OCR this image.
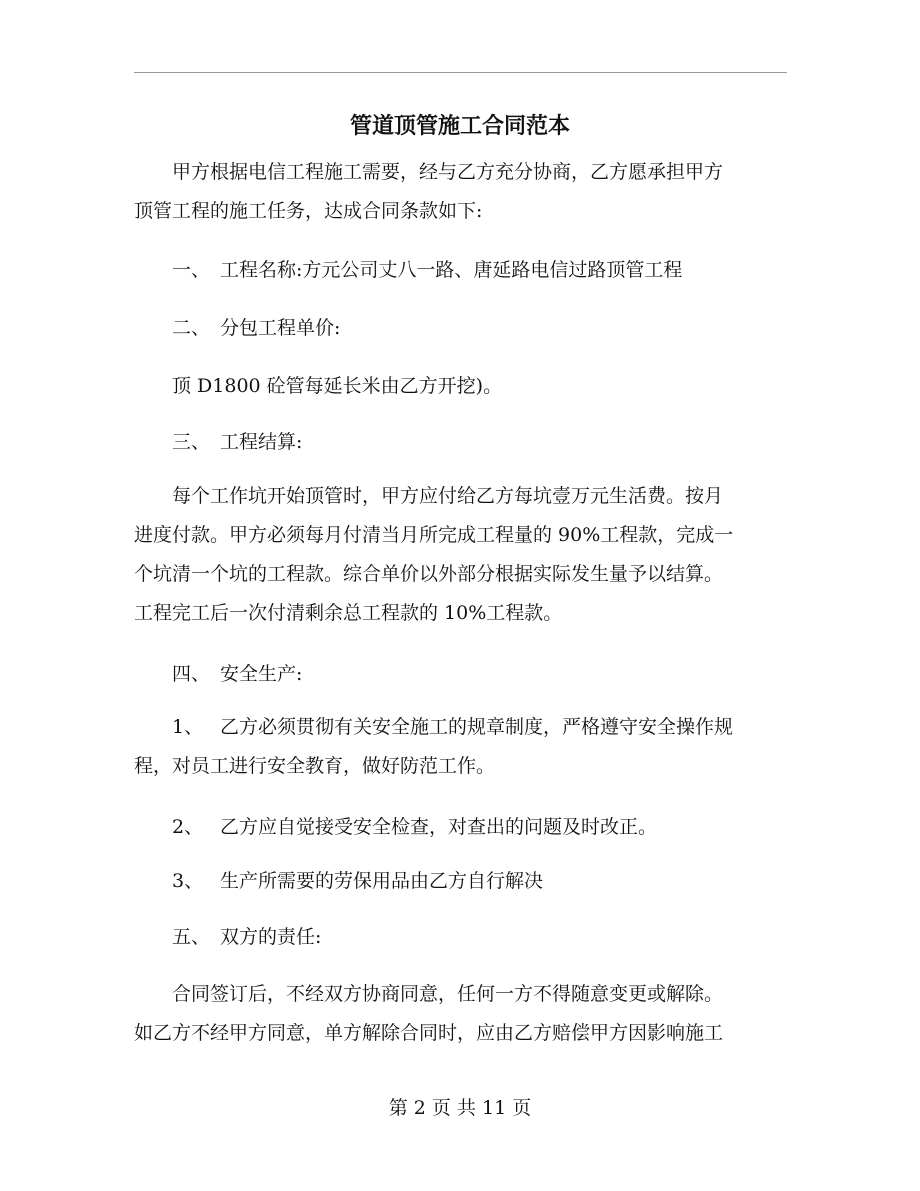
管道顶管施工合同范本
甲方根据电信工程施工需要，经与乙方充分协商，乙方愿承担甲方
顶管工程的施工任务，达成合同条款如下:
一、 工程名称:方元公司丈八一路、唐延路电信过路顶管工程
二、 分包工程单价:
顶 D1800 砼管每延长米由乙方开挖)。
三、 工程结算:
每个工作坑开始顶管时，甲方应付给乙方每坑壹万元生活费。按月
进度付款。甲方必须每月付清当月所完成工程量的 90%工程款，完成一
个坑清一个坑的工程款。综合单价以外部分根据实际发生量予以结算。
工程完工后一次付清剩余总工程款的 10%工程款。
四、 安全生产:
1、 乙方必须贯彻有关安全施工的规章制度，严格遵守安全操作规
程，对员工进行安全教育，做好防范工作。
2、 乙方应自觉接受安全检查，对查出的问题及时改正。
3、 生产所需要的劳保用品由乙方自行解决
五、 双方的责任:
合同签订后，不经双方协商同意，任何一方不得随意变更或解除。
如乙方不经甲方同意，单方解除合同时，应由乙方赔偿甲方因影响施工
第 2 页 共 11 页
